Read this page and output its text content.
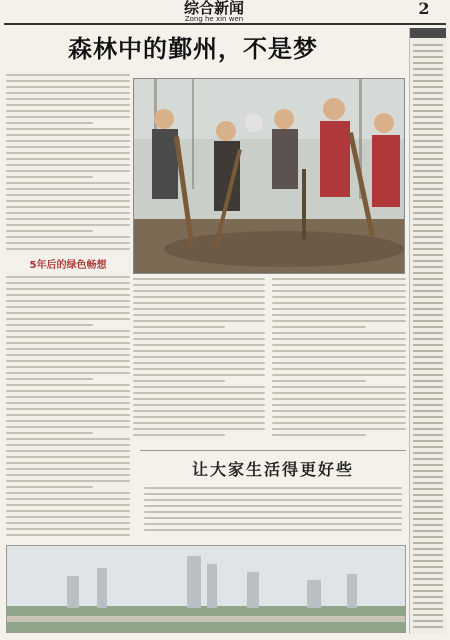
综合新闻
Zong he xin wen
2
森林中的鄞州，不是梦
5年后的绿色畅想
让大家生活得更好些
